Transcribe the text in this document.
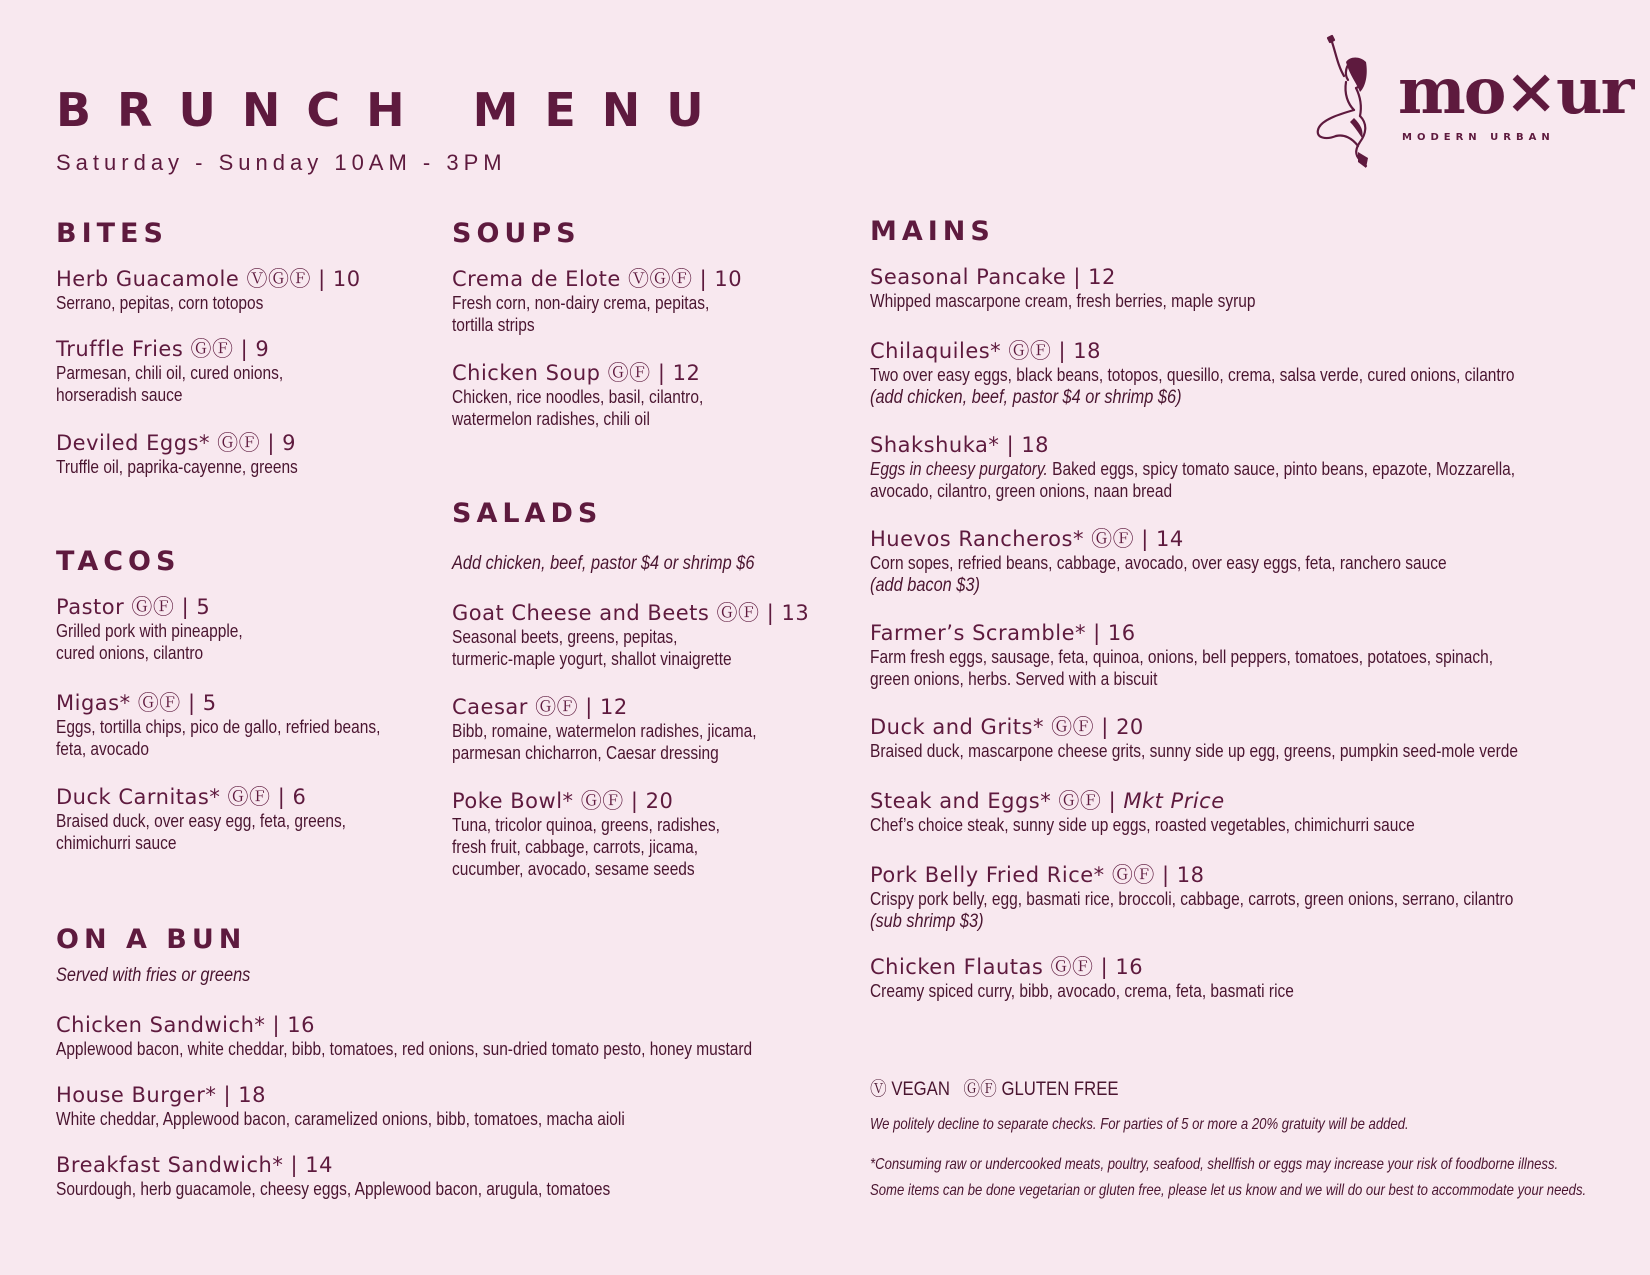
BRUNCH MENU

Saturday - Sunday 10AM - 3PM

mo×ur
MODERN URBAN
BITES
Herb Guacamole ⓋⒼⒻ | 10
Serrano, pepitas, corn totopos
Truffle Fries ⒼⒻ | 9
Parmesan, chili oil, cured onions,
horseradish sauce
Deviled Eggs* ⒼⒻ | 9
Truffle oil, paprika-cayenne, greens
TACOS
Pastor ⒼⒻ | 5
Grilled pork with pineapple,
cured onions, cilantro
Migas* ⒼⒻ | 5
Eggs, tortilla chips, pico de gallo, refried beans,
feta, avocado
Duck Carnitas* ⒼⒻ | 6
Braised duck, over easy egg, feta, greens,
chimichurri sauce
ON A BUN
Served with fries or greens
Chicken Sandwich* | 16
Applewood bacon, white cheddar, bibb, tomatoes, red onions, sun-dried tomato pesto, honey mustard
House Burger* | 18
White cheddar, Applewood bacon, caramelized onions, bibb, tomatoes, macha aioli
Breakfast Sandwich* | 14
Sourdough, herb guacamole, cheesy eggs, Applewood bacon, arugula, tomatoes
SOUPS
Crema de Elote ⓋⒼⒻ | 10
Fresh corn, non-dairy crema, pepitas,
tortilla strips
Chicken Soup ⒼⒻ | 12
Chicken, rice noodles, basil, cilantro,
watermelon radishes, chili oil
SALADS
Add chicken, beef, pastor $4 or shrimp $6
Goat Cheese and Beets ⒼⒻ | 13
Seasonal beets, greens, pepitas,
turmeric-maple yogurt, shallot vinaigrette
Caesar ⒼⒻ | 12
Bibb, romaine, watermelon radishes, jicama,
parmesan chicharron, Caesar dressing
Poke Bowl* ⒼⒻ | 20
Tuna, tricolor quinoa, greens, radishes,
fresh fruit, cabbage, carrots, jicama,
cucumber, avocado, sesame seeds
MAINS
Seasonal Pancake | 12
Whipped mascarpone cream, fresh berries, maple syrup
Chilaquiles* ⒼⒻ | 18
Two over easy eggs, black beans, totopos, quesillo, crema, salsa verde, cured onions, cilantro
(add chicken, beef, pastor $4 or shrimp $6)
Shakshuka* | 18
Eggs in cheesy purgatory. Baked eggs, spicy tomato sauce, pinto beans, epazote, Mozzarella,
avocado, cilantro, green onions, naan bread
Huevos Rancheros* ⒼⒻ | 14
Corn sopes, refried beans, cabbage, avocado, over easy eggs, feta, ranchero sauce
(add bacon $3)
Farmer’s Scramble* | 16
Farm fresh eggs, sausage, feta, quinoa, onions, bell peppers, tomatoes, potatoes, spinach,
green onions, herbs. Served with a biscuit
Duck and Grits* ⒼⒻ | 20
Braised duck, mascarpone cheese grits, sunny side up egg, greens, pumpkin seed-mole verde
Steak and Eggs* ⒼⒻ | Mkt Price
Chef’s choice steak, sunny side up eggs, roasted vegetables, chimichurri sauce
Pork Belly Fried Rice* ⒼⒻ | 18
Crispy pork belly, egg, basmati rice, broccoli, cabbage, carrots, green onions, serrano, cilantro
(sub shrimp $3)
Chicken Flautas ⒼⒻ | 16
Creamy spiced curry, bibb, avocado, crema, feta, basmati rice
Ⓥ VEGAN ⒼⒻ GLUTEN FREE
We politely decline to separate checks. For parties of 5 or more a 20% gratuity will be added.
*Consuming raw or undercooked meats, poultry, seafood, shellfish or eggs may increase your risk of foodborne illness.
Some items can be done vegetarian or gluten free, please let us know and we will do our best to accommodate your needs.
